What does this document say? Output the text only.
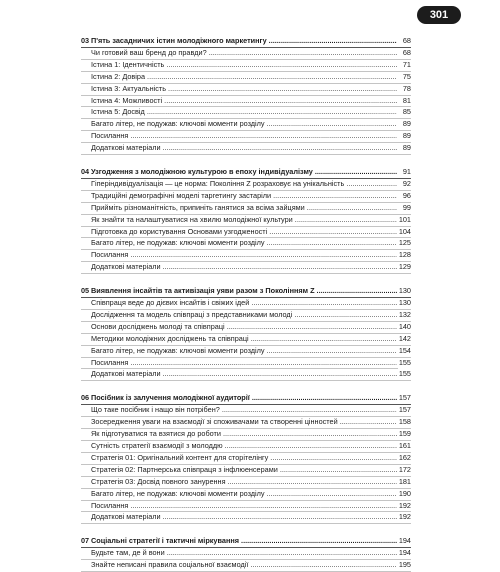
301
03 П'ять засадничих істин молодіжного маркетингу .....	68
Чи готовий ваш бренд до правди? .....	68
Істина 1: Ідентичність .....	71
Істина 2: Довіра .....	75
Істина 3: Актуальність .....	78
Істина 4: Можливості .....	81
Істина 5: Досвід .....	85
Багато літер, не подужав: ключові моменти розділу .....	89
Посилання .....	89
Додаткові матеріали .....	89
04 Узгодження з молодіжною культурою в епоху індивідуалізму .....	91
Гіперіндивідуалізація — це норма: Покоління Z розраховує на унікальність .....	92
Традиційні демографічні моделі таргетингу застаріли .....	96
Прийміть різноманітність, припиніть ганятися за всіма зайцями .....	99
Як знайти та налаштуватися на хвилю молодіжної культури .....	101
Підготовка до користування Основами узгодженості .....	104
Багато літер, не подужав: ключові моменти розділу .....	125
Посилання .....	128
Додаткові матеріали .....	129
05 Виявлення інсайтів та активізація уяви разом з Поколінням Z .....	130
Співпраця веде до дієвих інсайтів і свіжих ідей .....	130
Дослідження та модель співпраці з представниками молоді .....	132
Основи досліджень молоді та співпраці .....	140
Методики молодіжних досліджень та співпраці .....	142
Багато літер, не подужав: ключові моменти розділу .....	154
Посилання .....	155
Додаткові матеріали .....	155
06 Посібник із залучення молодіжної аудиторії .....	157
Що таке посібник і нащо він потрібен? .....	157
Зосередження уваги на взаємодії зі споживачами та створенні цінностей .....	158
Як підготуватися та взятися до роботи .....	159
Сутність стратегії взаємодії з молоддю .....	161
Стратегія 01: Оригінальний контент для сторітелінгу .....	162
Стратегія 02: Партнерська співпраця з інфлюенсерами .....	172
Стратегія 03: Досвід повного занурення .....	181
Багато літер, не подужав: ключові моменти розділу .....	190
Посилання .....	192
Додаткові матеріали .....	192
07 Соціальні стратегії і тактичні міркування .....	194
Будьте там, де й вони .....	194
Знайте неписані правила соціальної взаємодії .....	195
